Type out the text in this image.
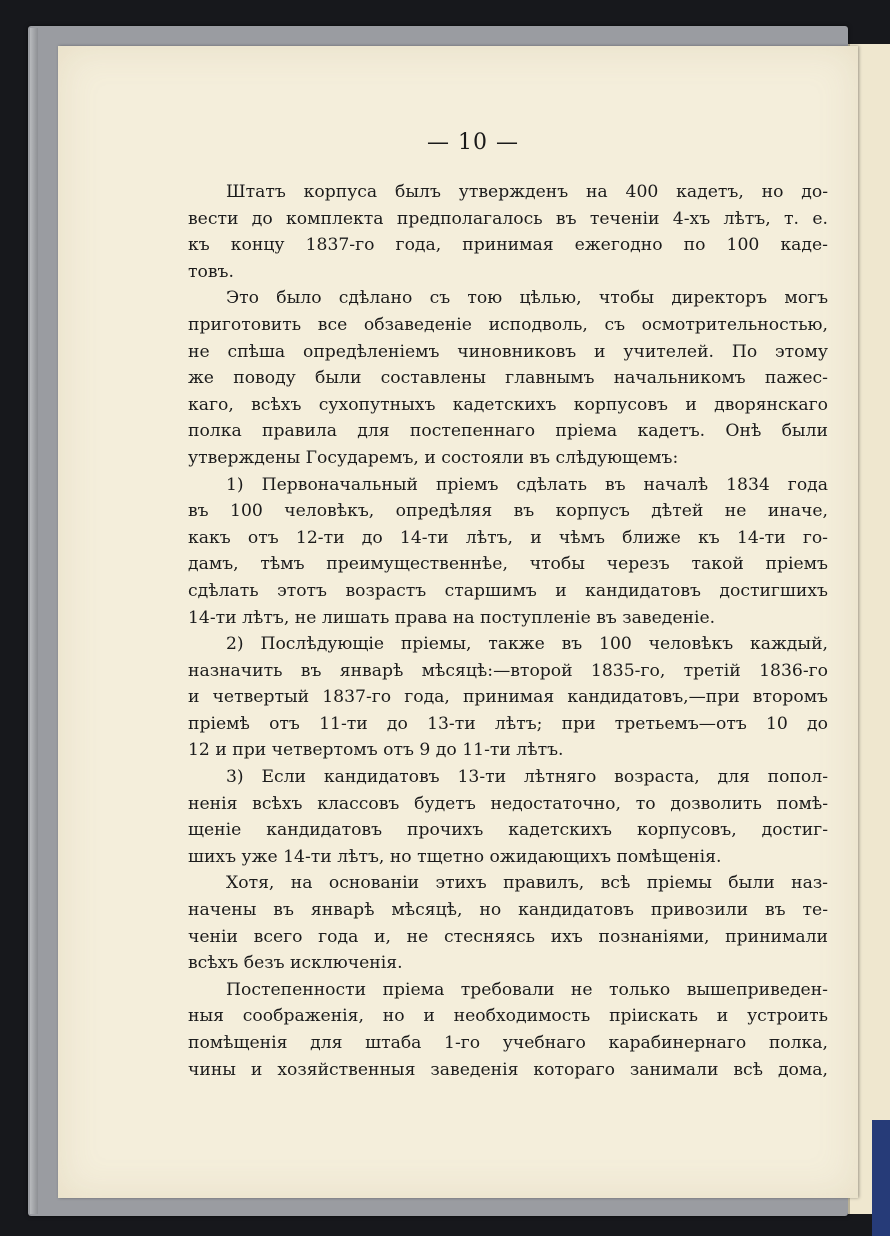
— 10 —
Штатъ корпуса былъ утвержденъ на 400 кадетъ, но до-
вести до комплекта предполагалось въ теченіи 4-хъ лѣтъ, т. е.
къ концу 1837-го года, принимая ежегодно по 100 каде-
товъ.
Это было сдѣлано съ тою цѣлью, чтобы директоръ могъ
приготовить все обзаведеніе исподволь, съ осмотрительностью,
не спѣша опредѣленіемъ чиновниковъ и учителей. По этому
же поводу были составлены главнымъ начальникомъ пажес-
каго, всѣхъ сухопутныхъ кадетскихъ корпусовъ и дворянскаго
полка правила для постепеннаго пріема кадетъ. Онѣ были
утверждены Государемъ, и состояли въ слѣдующемъ:
1) Первоначальный пріемъ сдѣлать въ началѣ 1834 года
въ 100 человѣкъ, опредѣляя въ корпусъ дѣтей не иначе,
какъ отъ 12-ти до 14-ти лѣтъ, и чѣмъ ближе къ 14-ти го-
дамъ, тѣмъ преимущественнѣе, чтобы черезъ такой пріемъ
сдѣлать этотъ возрастъ старшимъ и кандидатовъ достигшихъ
14-ти лѣтъ, не лишать права на поступленіе въ заведеніе.
2) Послѣдующіе пріемы, также въ 100 человѣкъ каждый,
назначить въ январѣ мѣсяцѣ:—второй 1835-го, третій 1836-го
и четвертый 1837-го года, принимая кандидатовъ,—при второмъ
пріемѣ отъ 11-ти до 13-ти лѣтъ; при третьемъ—отъ 10 до
12 и при четвертомъ отъ 9 до 11-ти лѣтъ.
3) Если кандидатовъ 13-ти лѣтняго возраста, для попол-
ненія всѣхъ классовъ будетъ недостаточно, то дозволить помѣ-
щеніе кандидатовъ прочихъ кадетскихъ корпусовъ, достиг-
шихъ уже 14-ти лѣтъ, но тщетно ожидающихъ помѣщенія.
Хотя, на основаніи этихъ правилъ, всѣ пріемы были наз-
начены въ январѣ мѣсяцѣ, но кандидатовъ привозили въ те-
ченіи всего года и, не стесняясь ихъ познаніями, принимали
всѣхъ безъ исключенія.
Постепенности пріема требовали не только вышеприведен-
ныя соображенія, но и необходимость пріискать и устроить
помѣщенія для штаба 1-го учебнаго карабинернаго полка,
чины и хозяйственныя заведенія котораго занимали всѣ дома,
